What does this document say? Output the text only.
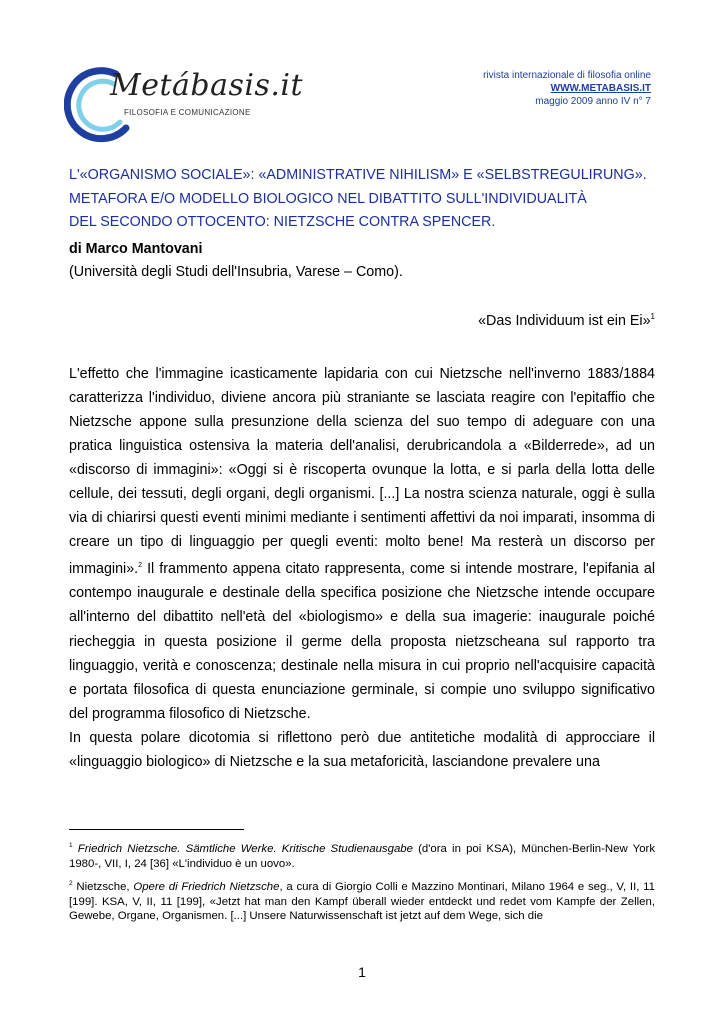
Metábasis.it
FILOSOFIA E COMUNICAZIONE
rivista internazionale di filosofia online
WWW.METABASIS.IT
maggio 2009 anno IV n° 7
L'«ORGANISMO SOCIALE»: «ADMINISTRATIVE NIHILISM» E «SELBSTREGULIRUNG».
METAFORA E/O MODELLO BIOLOGICO NEL DIBATTITO SULL'INDIVIDUALITÀ
DEL SECONDO OTTOCENTO: NIETZSCHE CONTRA SPENCER.
di Marco Mantovani
(Università degli Studi dell'Insubria, Varese – Como).
«Das Individuum ist ein Ei»$^1$

L'effetto che l'immagine icasticamente lapidaria con cui Nietzsche nell'inverno 1883/1884 caratterizza l'individuo, diviene ancora più straniante se lasciata reagire con l'epitaffio che Nietzsche appone sulla presunzione della scienza del suo tempo di adeguare con una pratica linguistica ostensiva la materia dell'analisi, derubricandola a «Bilderrede», ad un «discorso di immagini»: «Oggi si è riscoperta ovunque la lotta, e si parla della lotta delle cellule, dei tessuti, degli organi, degli organismi. [...] La nostra scienza naturale, oggi è sulla via di chiarirsi questi eventi minimi mediante i sentimenti affettivi da noi imparati, insomma di creare un tipo di linguaggio per quegli eventi: molto bene! Ma resterà un discorso per immagini».$^2$ Il frammento appena citato rappresenta, come si intende mostrare, l'epifania al contempo inaugurale e destinale della specifica posizione che Nietzsche intende occupare all'interno del dibattito nell'età del «biologismo» e della sua imagerie: inaugurale poiché riecheggia in questa posizione il germe della proposta nietzscheana sul rapporto tra linguaggio, verità e conoscenza; destinale nella misura in cui proprio nell'acquisire capacità e portata filosofica di questa enunciazione germinale, si compie uno sviluppo significativo del programma filosofico di Nietzsche.

In questa polare dicotomia si riflettono però due antitetiche modalità di approcciare il «linguaggio biologico» di Nietzsche e la sua metaforicità, lasciandone prevalere una

$^1$ Friedrich Nietzsche. Sämtliche Werke. Kritische Studienausgabe (d'ora in poi KSA), München-Berlin-New York 1980-, VII, I, 24 [36] «L'individuo è un uovo».

$^2$ Nietzsche, Opere di Friedrich Nietzsche, a cura di Giorgio Colli e Mazzino Montinari, Milano 1964 e seg., V, II, 11 [199]. KSA, V, II, 11 [199], «Jetzt hat man den Kampf überall wieder entdeckt und redet vom Kampfe der Zellen, Gewebe, Organe, Organismen. [...] Unsere Naturwissenschaft ist jetzt auf dem Wege, sich die

1
